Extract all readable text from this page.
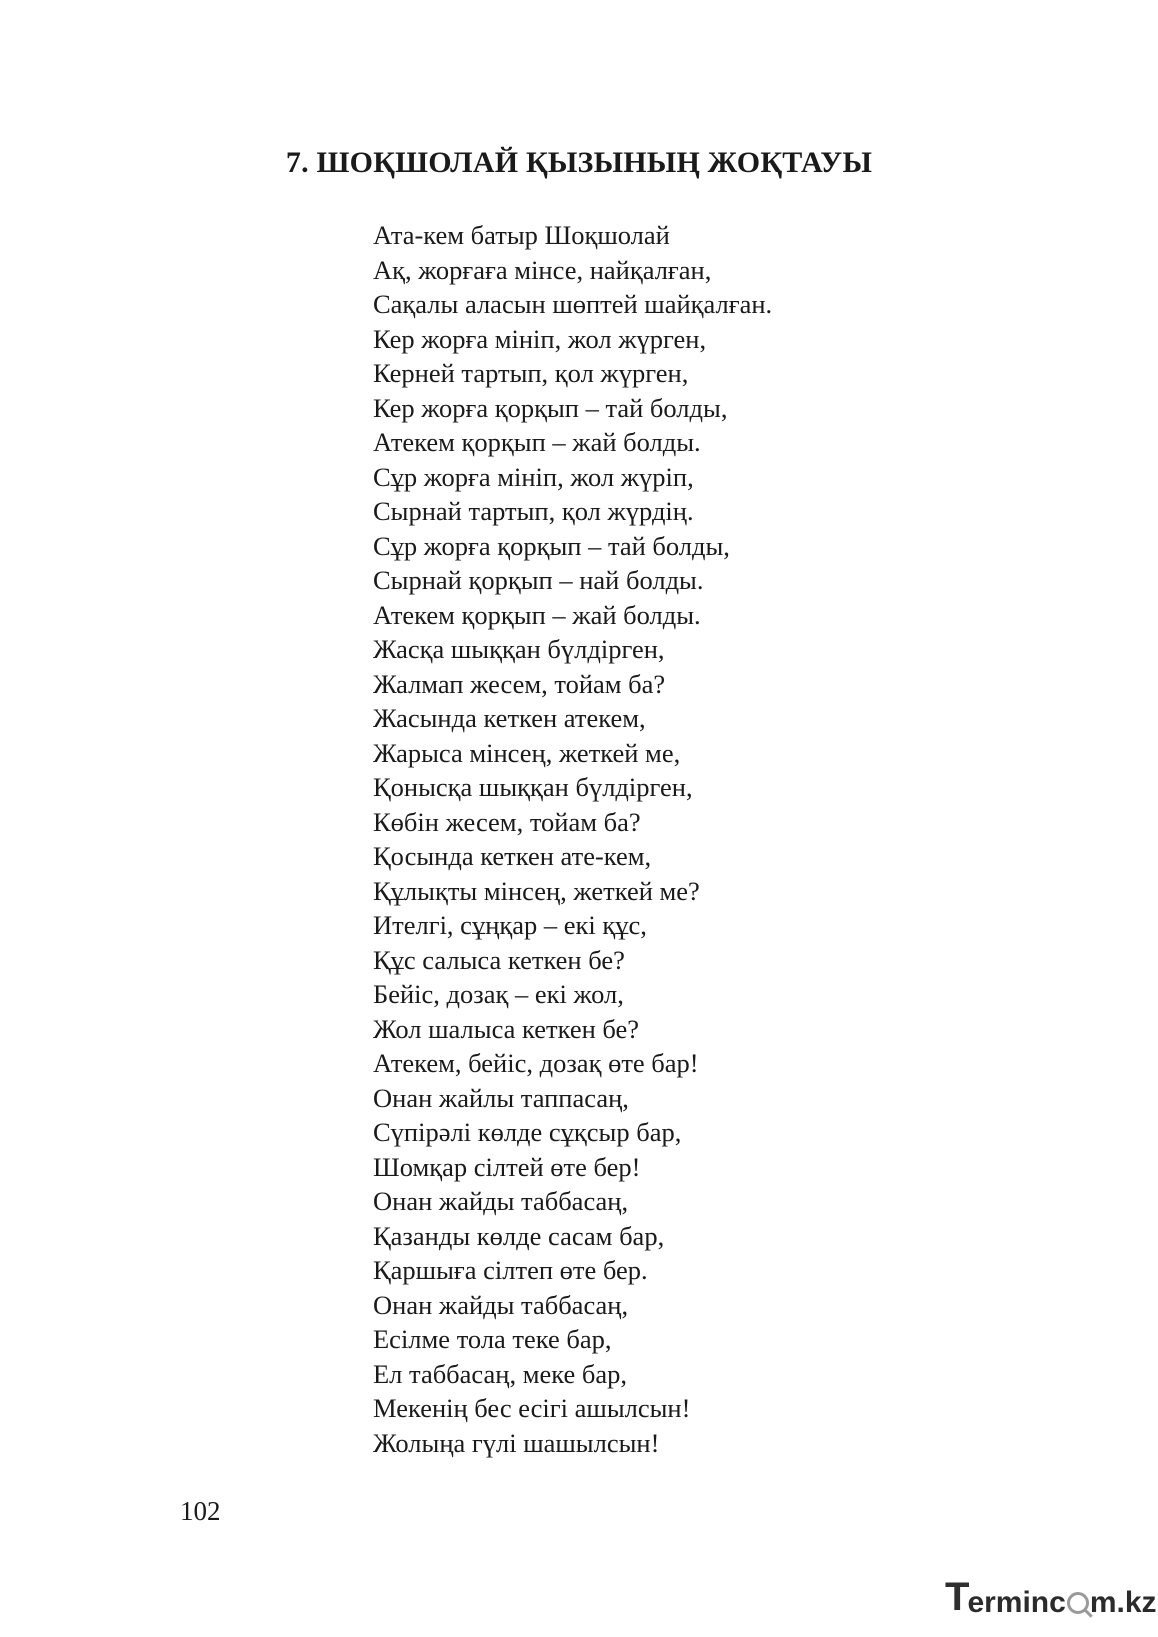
7. ШОҚШОЛАЙ ҚЫЗЫНЫҢ ЖОҚТАУЫ
Ата-кем батыр Шоқшолай
Ақ, жорғаға мінсе, найқалған,
Сақалы аласын шөптей шайқалған.
Кер жорға мініп, жол жүрген,
Керней тартып, қол жүрген,
Кер жорға қорқып – тай болды,
Атекем қорқып – жай болды.
Сұр жорға мініп, жол жүріп,
Сырнай тартып, қол жүрдің.
Сұр жорға қорқып – тай болды,
Сырнай қорқып – най болды.
Атекем қорқып – жай болды.
Жасқа шыққан бүлдірген,
Жалмап жесем, тойам ба?
Жасында кеткен атекем,
Жарыса мінсең, жеткей ме,
Қонысқа шыққан бүлдірген,
Көбін жесем, тойам ба?
Қосында кеткен ате-кем,
Құлықты мінсең, жеткей ме?
Ителгі, сұңқар – екі құс,
Құс салыса кеткен бе?
Бейіс, дозақ – екі жол,
Жол шалыса кеткен бе?
Атекем, бейіс, дозақ өте бар!
Онан жайлы таппасаң,
Сүпірәлі көлде сұқсыр бар,
Шомқар сілтей өте бер!
Онан жайды таббасаң,
Қазанды көлде сасам бар,
Қаршыға сілтеп өте бер.
Онан жайды таббасаң,
Есілме тола теке бар,
Ел таббасаң, меке бар,
Мекенің бес есігі ашылсын!
Жолыңа гүлі шашылсын!
102
T
erminc m.kz
